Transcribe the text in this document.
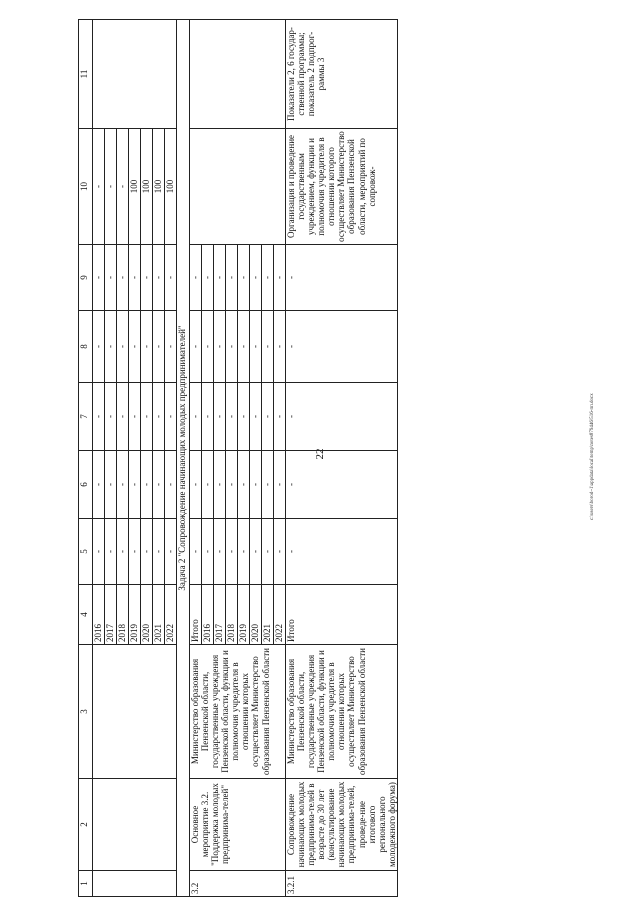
22	c:\users\borod~1\appdata\local\temp\notes879446\516-пп.docx
1	2	3	4	5	6	7	8	9	10	11
			2016	-	-	-	-	-	-	
			2017	-	-	-	-	-	-	
			2018	-	-	-	-	-	-	
			2019	-	-	-	-	-	100	
			2020	-	-	-	-	-	100	
			2021	-	-	-	-	-	100	
			2022	-	-	-	-	-	100	
Задача 2 "Сопровождение начинающих молодых предпринимателей"										
3.2	Основное мероприятие 3.2. "Поддержка молодых предпринима-телей"	Министерство образования Пензенской области, государственные учреждения Пензенской области, функции и полномочия учредителя в отношении которых осуществляет Министерство образования Пензенской области	Итого	-	-	-	-	-		
			2016	-	-	-	-	-		
			2017	-	-	-	-	-		
			2018	-	-	-	-	-		
			2019	-	-	-	-	-		
			2020	-	-	-	-	-		
			2021	-	-	-	-	-		
			2022	-	-	-	-	-		
3.2.1	Сопровождение начинающих молодых предпринима-телей в возрасте до 30 лет (консультирование начинающих молодых предпринима-телей, проведе-ние итогового регионального молодежного форума)	Министерство образования Пензенской области, государственные учреждения Пензенской области, функции и полномочия учредителя в отношении которых осуществляет Министерство образования Пензенской области	Итого	-	-	-	-	-	Организация и проведение государственным учреждением, функции и полномочия учредителя в отношении которого осуществляет Министерство образования Пензенской области, мероприятий по сопровож-	Показатели 2, 6 государ-ственной программы; показатель 2 подпрог-раммы 3
